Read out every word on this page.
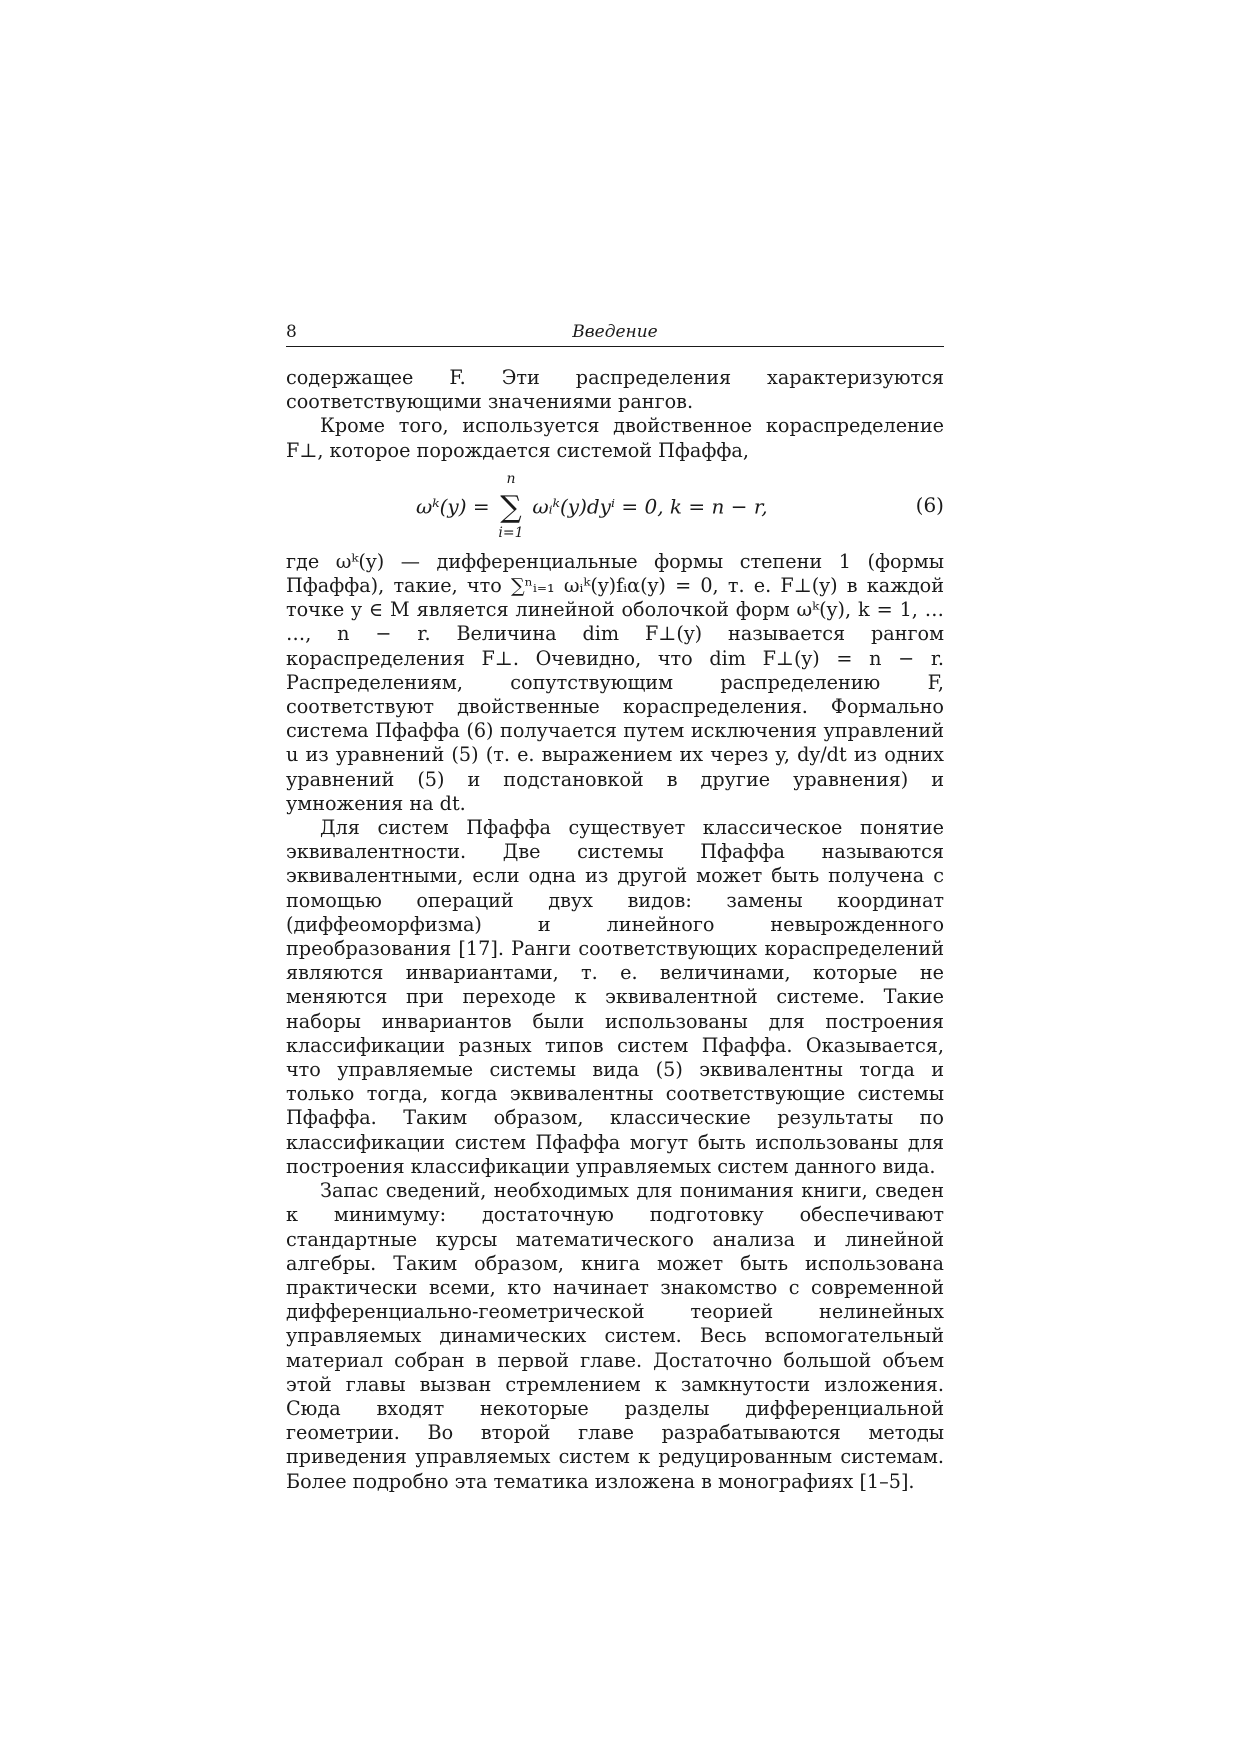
8	Введение

содержащее F. Эти распределения характеризуются соответствующими значениями рангов.

Кроме того, используется двойственное кораспределение F⊥, которое порождается системой Пфаффа,

ωᵏ(y) =
n
∑
i=1
ωᵢᵏ(y)dyⁱ = 0, k = n − r,	(6)

где ωᵏ(y) — дифференциальные формы степени 1 (формы Пфаффа), такие, что ∑ⁿᵢ₌₁ ωᵢᵏ(y)fᵢα(y) = 0, т. е. F⊥(y) в каждой точке y ∈ M является линейной оболочкой форм ωᵏ(y), k = 1, … …, n − r. Величина dim F⊥(y) называется рангом кораспределения F⊥. Очевидно, что dim F⊥(y) = n − r. Распределениям, сопутствующим распределению F, соответствуют двойственные кораспределения. Формально система Пфаффа (6) получается путем исключения управлений u из уравнений (5) (т. е. выражением их через y, dy/dt из одних уравнений (5) и подстановкой в другие уравнения) и умножения на dt.

Для систем Пфаффа существует классическое понятие эквивалентности. Две системы Пфаффа называются эквивалентными, если одна из другой может быть получена с помощью операций двух видов: замены координат (диффеоморфизма) и линейного невырожденного преобразования [17]. Ранги соответствующих кораспределений являются инвариантами, т. е. величинами, которые не меняются при переходе к эквивалентной системе. Такие наборы инвариантов были использованы для построения классификации разных типов систем Пфаффа. Оказывается, что управляемые системы вида (5) эквивалентны тогда и только тогда, когда эквивалентны соответствующие системы Пфаффа. Таким образом, классические результаты по классификации систем Пфаффа могут быть использованы для построения классификации управляемых систем данного вида.

Запас сведений, необходимых для понимания книги, сведен к минимуму: достаточную подготовку обеспечивают стандартные курсы математического анализа и линейной алгебры. Таким образом, книга может быть использована практически всеми, кто начинает знакомство с современной дифференциально-геометрической теорией нелинейных управляемых динамических систем. Весь вспомогательный материал собран в первой главе. Достаточно большой объем этой главы вызван стремлением к замкнутости изложения. Сюда входят некоторые разделы дифференциальной геометрии. Во второй главе разрабатываются методы приведения управляемых систем к редуцированным системам. Более подробно эта тематика изложена в монографиях [1–5].
